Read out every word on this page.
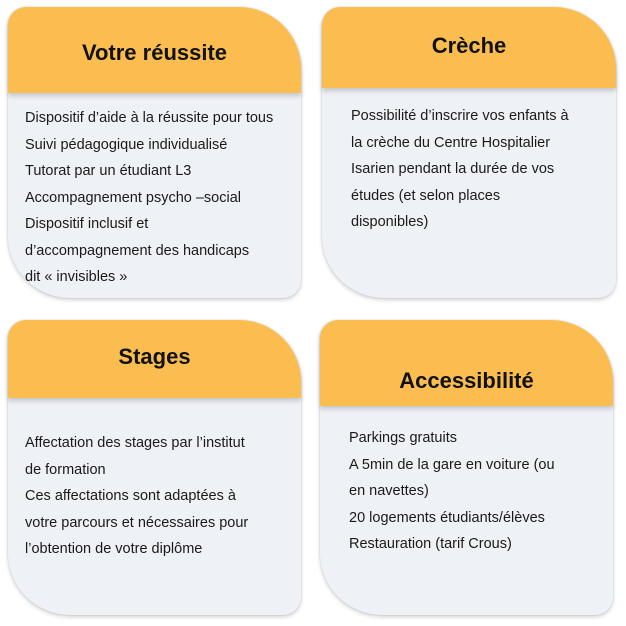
Votre réussite
Dispositif d’aide à la réussite pour tous
Suivi pédagogique individualisé
Tutorat par un étudiant L3
Accompagnement psycho –social
Dispositif inclusif et
d’accompagnement des handicaps
dit « invisibles »
Crèche
Possibilité d’inscrire vos enfants à
la crèche du Centre Hospitalier
Isarien pendant la durée de vos
études (et selon places
disponibles)
Stages
Affectation des stages par l’institut
de formation
Ces affectations sont adaptées à
votre parcours et nécessaires pour
l’obtention de votre diplôme
Accessibilité
Parkings gratuits
A 5min de la gare en voiture (ou
en navettes)
20 logements étudiants/élèves
Restauration (tarif Crous)
